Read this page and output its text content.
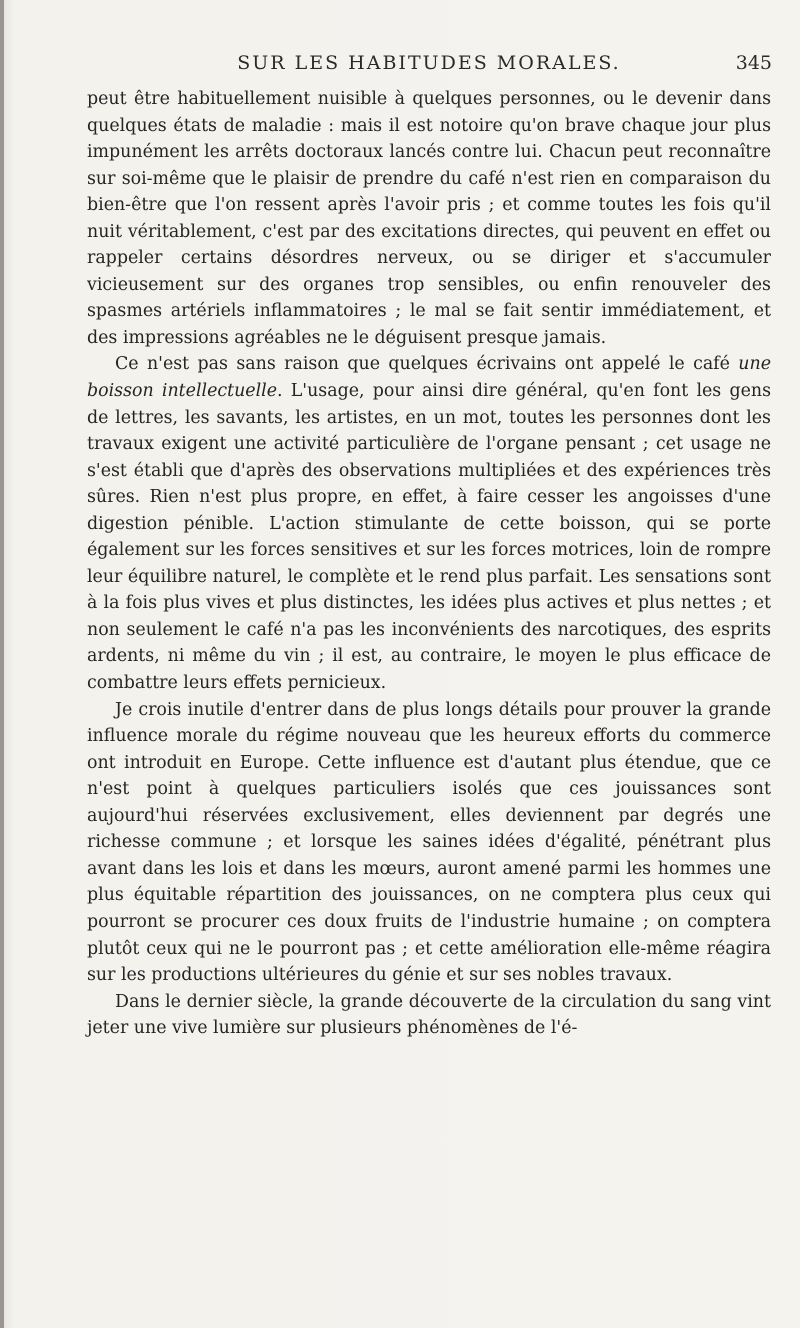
SUR LES HABITUDES MORALES.	345

peut être habituellement nuisible à quelques personnes, ou le devenir dans quelques états de maladie : mais il est notoire qu'on brave chaque jour plus impunément les arrêts doctoraux lancés contre lui. Chacun peut reconnaître sur soi-même que le plaisir de prendre du café n'est rien en comparaison du bien-être que l'on ressent après l'avoir pris ; et comme toutes les fois qu'il nuit véritablement, c'est par des excitations directes, qui peuvent en effet ou rappeler certains désordres nerveux, ou se diriger et s'accumuler vicieusement sur des organes trop sensibles, ou enfin renouveler des spasmes artériels inflammatoires ; le mal se fait sentir immédiatement, et des impressions agréables ne le déguisent presque jamais.

Ce n'est pas sans raison que quelques écrivains ont appelé le café une boisson intellectuelle. L'usage, pour ainsi dire général, qu'en font les gens de lettres, les savants, les artistes, en un mot, toutes les personnes dont les travaux exigent une activité particulière de l'organe pensant ; cet usage ne s'est établi que d'après des observations multipliées et des expériences très sûres. Rien n'est plus propre, en effet, à faire cesser les angoisses d'une digestion pénible. L'action stimulante de cette boisson, qui se porte également sur les forces sensitives et sur les forces motrices, loin de rompre leur équilibre naturel, le complète et le rend plus parfait. Les sensations sont à la fois plus vives et plus distinctes, les idées plus actives et plus nettes ; et non seulement le café n'a pas les inconvénients des narcotiques, des esprits ardents, ni même du vin ; il est, au contraire, le moyen le plus efficace de combattre leurs effets pernicieux.

Je crois inutile d'entrer dans de plus longs détails pour prouver la grande influence morale du régime nouveau que les heureux efforts du commerce ont introduit en Europe. Cette influence est d'autant plus étendue, que ce n'est point à quelques particuliers isolés que ces jouissances sont aujourd'hui réservées exclusivement, elles deviennent par degrés une richesse commune ; et lorsque les saines idées d'égalité, pénétrant plus avant dans les lois et dans les mœurs, auront amené parmi les hommes une plus équitable répartition des jouissances, on ne comptera plus ceux qui pourront se procurer ces doux fruits de l'industrie humaine ; on comptera plutôt ceux qui ne le pourront pas ; et cette amélioration elle-même réagira sur les productions ultérieures du génie et sur ses nobles travaux.

Dans le dernier siècle, la grande découverte de la circulation du sang vint jeter une vive lumière sur plusieurs phénomènes de l'é-
